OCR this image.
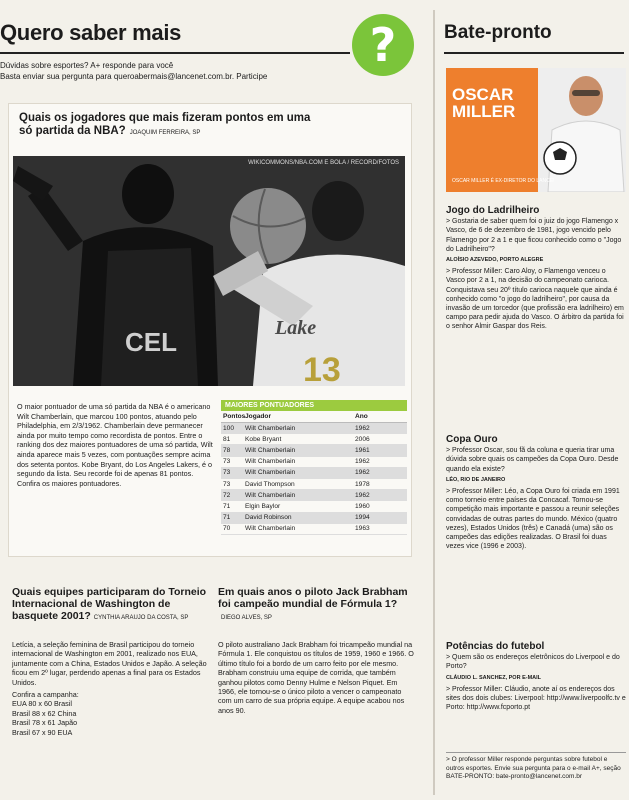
Quero saber mais	?
Dúvidas sobre esportes? A+ responde para você
Basta enviar sua pergunta para queroabermais@lancenet.com.br. Participe
Quais os jogadores que mais fizeram pontos em uma só partida da NBA? JOAQUIM FERREIRA, SP
CEL	Lake
13
WIKICOMMONS/NBA.COM E BOLA / RECORD/FOTOS
O maior pontuador de uma só partida da NBA é o americano Wilt Chamberlain, que marcou 100 pontos, atuando pelo Philadelphia, em 2/3/1962. Chamberlain deve permanecer ainda por muito tempo como recordista de pontos. Entre o ranking dos dez maiores pontuadores de uma só partida, Wilt ainda aparece mais 5 vezes, com pontuações sempre acima dos setenta pontos. Kobe Bryant, do Los Angeles Lakers, é o segundo da lista. Seu recorde foi de apenas 81 pontos. Confira os maiores pontuadores.
MAIORES PONTUADORES
Pontos Jogador	Ano
100	Wilt Chamberlain	1962
81	Kobe Bryant	2006
78	Wilt Chamberlain	1961
73	Wilt Chamberlain	1962
73	Wilt Chamberlain	1962
73	David Thompson	1978
72	Wilt Chamberlain	1962
71	Elgin Baylor	1960
71	David Robinson	1994
70	Wilt Chamberlain	1963
Quais equipes participaram do Torneio Internacional de Washington de basquete 2001? CYNTHIA ARAUJO DA COSTA, SP
Letícia, a seleção feminina de Brasil participou do torneio internacional de Washington em 2001, realizado nos EUA, juntamente com a China, Estados Unidos e Japão. A seleção ficou em 2º lugar, perdendo apenas a final para os Estados Unidos.
Confira a campanha:
EUA 80 x 60 Brasil
Brasil 88 x 62 China
Brasil 78 x 61 Japão
Brasil 67 x 90 EUA
Em quais anos o piloto Jack Brabham foi campeão mundial de Fórmula 1?DIEGO ALVES, SP
O piloto australiano Jack Brabham foi tricampeão mundial na Fórmula 1. Ele conquistou os títulos de 1959, 1960 e 1966. O último título foi a bordo de um carro feito por ele mesmo. Brabham construiu uma equipe de corrida, que também ganhou pilotos como Denny Hulme e Nelson Piquet. Em 1966, ele tornou-se o único piloto a vencer o campeonato com um carro de sua própria equipe. A equipe acabou nos anos 90.
Bate-pronto
OSCAR
MILLER
OSCAR MILLER É EX-DIRETOR DO LANCE!
Jogo do Ladrilheiro
> Gostaria de saber quem foi o juiz do jogo Flamengo x Vasco, de 6 de dezembro de 1981, jogo vencido pelo Flamengo por 2 a 1 e que ficou conhecido como o "Jogo do Ladrilheiro"?
ALOÍSIO AZEVEDO, PORTO ALEGRE
> Professor Miller: Caro Aloy, o Flamengo venceu o Vasco por 2 a 1, na decisão do campeonato carioca. Conquistava seu 20º título carioca naquele que ainda é conhecido como "o jogo do ladrilheiro", por causa da invasão de um torcedor (que profissão era ladrilheiro) em campo para pedir ajuda do Vasco. O árbitro da partida foi o senhor Almir Gaspar dos Reis.
Copa Ouro
> Professor Oscar, sou fã da coluna e queria tirar uma dúvida sobre quais os campeões da Copa Ouro. Desde quando ela existe?
LÉO, RIO DE JANEIRO
> Professor Miller: Léo, a Copa Ouro foi criada em 1991 como torneio entre países da Concacaf. Tornou-se competição mais importante e passou a reunir seleções convidadas de outras partes do mundo. México (quatro vezes), Estados Unidos (três) e Canadá (uma) são os campeões das edições realizadas. O Brasil foi duas vezes vice (1996 e 2003).
Potências do futebol
> Quem são os endereços eletrônicos do Liverpool e do Porto?
CLÁUDIO L. SANCHEZ, POR E-MAIL
> Professor Miller: Cláudio, anote aí os endereços dos sites dos dois clubes: Liverpool: http://www.liverpoolfc.tv e Porto: http://www.fcporto.pt
> O professor Miller responde perguntas sobre futebol e outros esportes. Envie sua pergunta para o e-mail A+, seção BATE-PRONTO: bate-pronto@lancenet.com.br
